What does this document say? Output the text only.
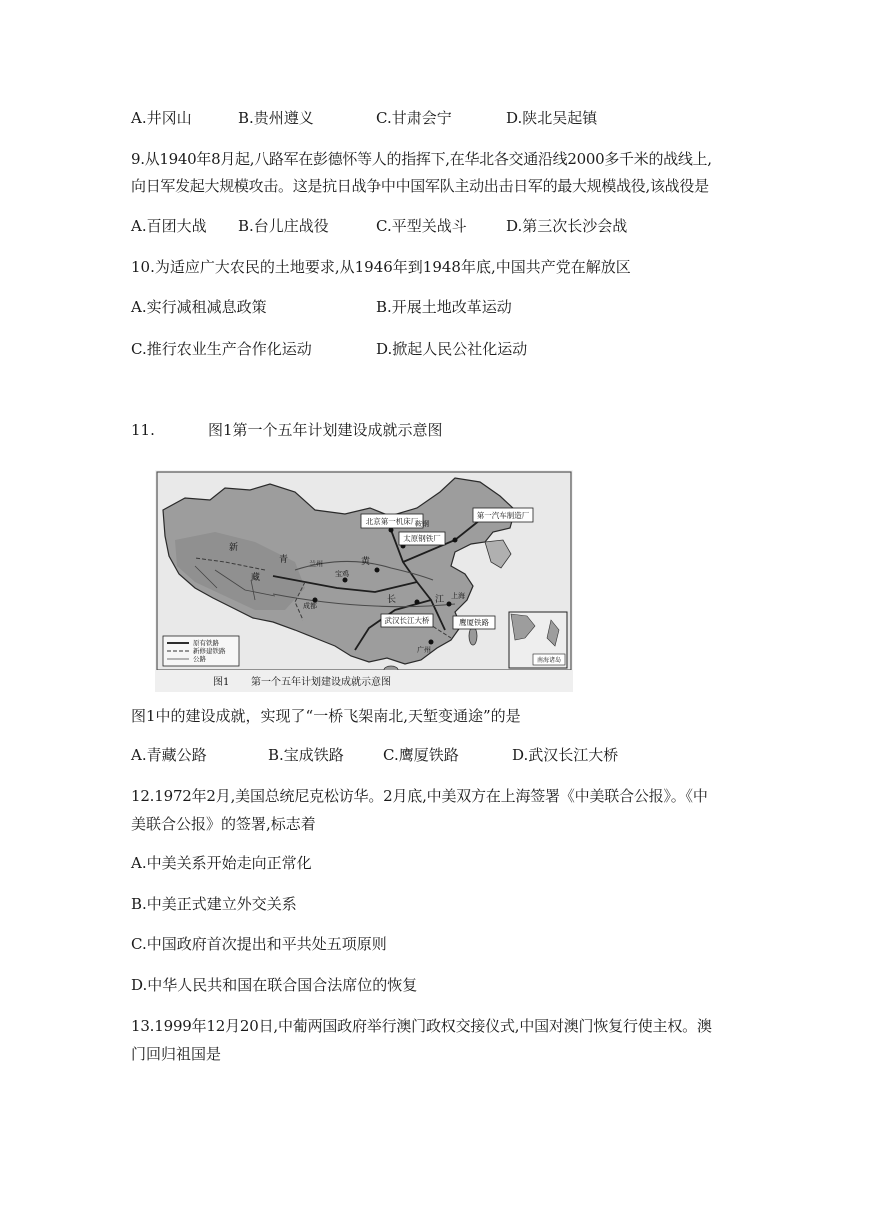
A.井冈山	B.贵州遵义	C.甘肃会宁	D.陕北吴起镇
9.从1940年8月起,八路军在彭德怀等人的指挥下,在华北各交通沿线2000多千米的战线上,
向日军发起大规模攻击。这是抗日战争中中国军队主动出击日军的最大规模战役,该战役是
A.百团大战 B.台儿庄战役	C.平型关战斗	D.第三次长沙会战
10.为适应广大农民的土地要求,从1946年到1948年底,中国共产党在解放区
A.实行减租减息政策	B.开展土地改革运动
C.推行农业生产合作化运动	D.掀起人民公社化运动
11.	图1第一个五年计划建设成就示意图
第一汽车制造厂
北京第一机床厂
太原钢铁厂
武汉长江大桥	鹰厦铁路
藏
青
新
黄
长	江 上海
广州
成都
宝鸡
兰州
鞍钢
原有铁路
新修建铁路
公路	南海诸岛
图1 第一个五年计划建设成就示意图
图1中的建设成就，实现了“一桥飞架南北,天堑变通途”的是
A.青藏公路	B.宝成铁路	C.鹰厦铁路	D.武汉长江大桥
12.1972年2月,美国总统尼克松访华。2月底,中美双方在上海签署《中美联合公报》。《中
美联合公报》的签署,标志着
A.中美关系开始走向正常化
B.中美正式建立外交关系
C.中国政府首次提出和平共处五项原则
D.中华人民共和国在联合国合法席位的恢复
13.1999年12月20日,中葡两国政府举行澳门政权交接仪式,中国对澳门恢复行使主权。澳
门回归祖国是
